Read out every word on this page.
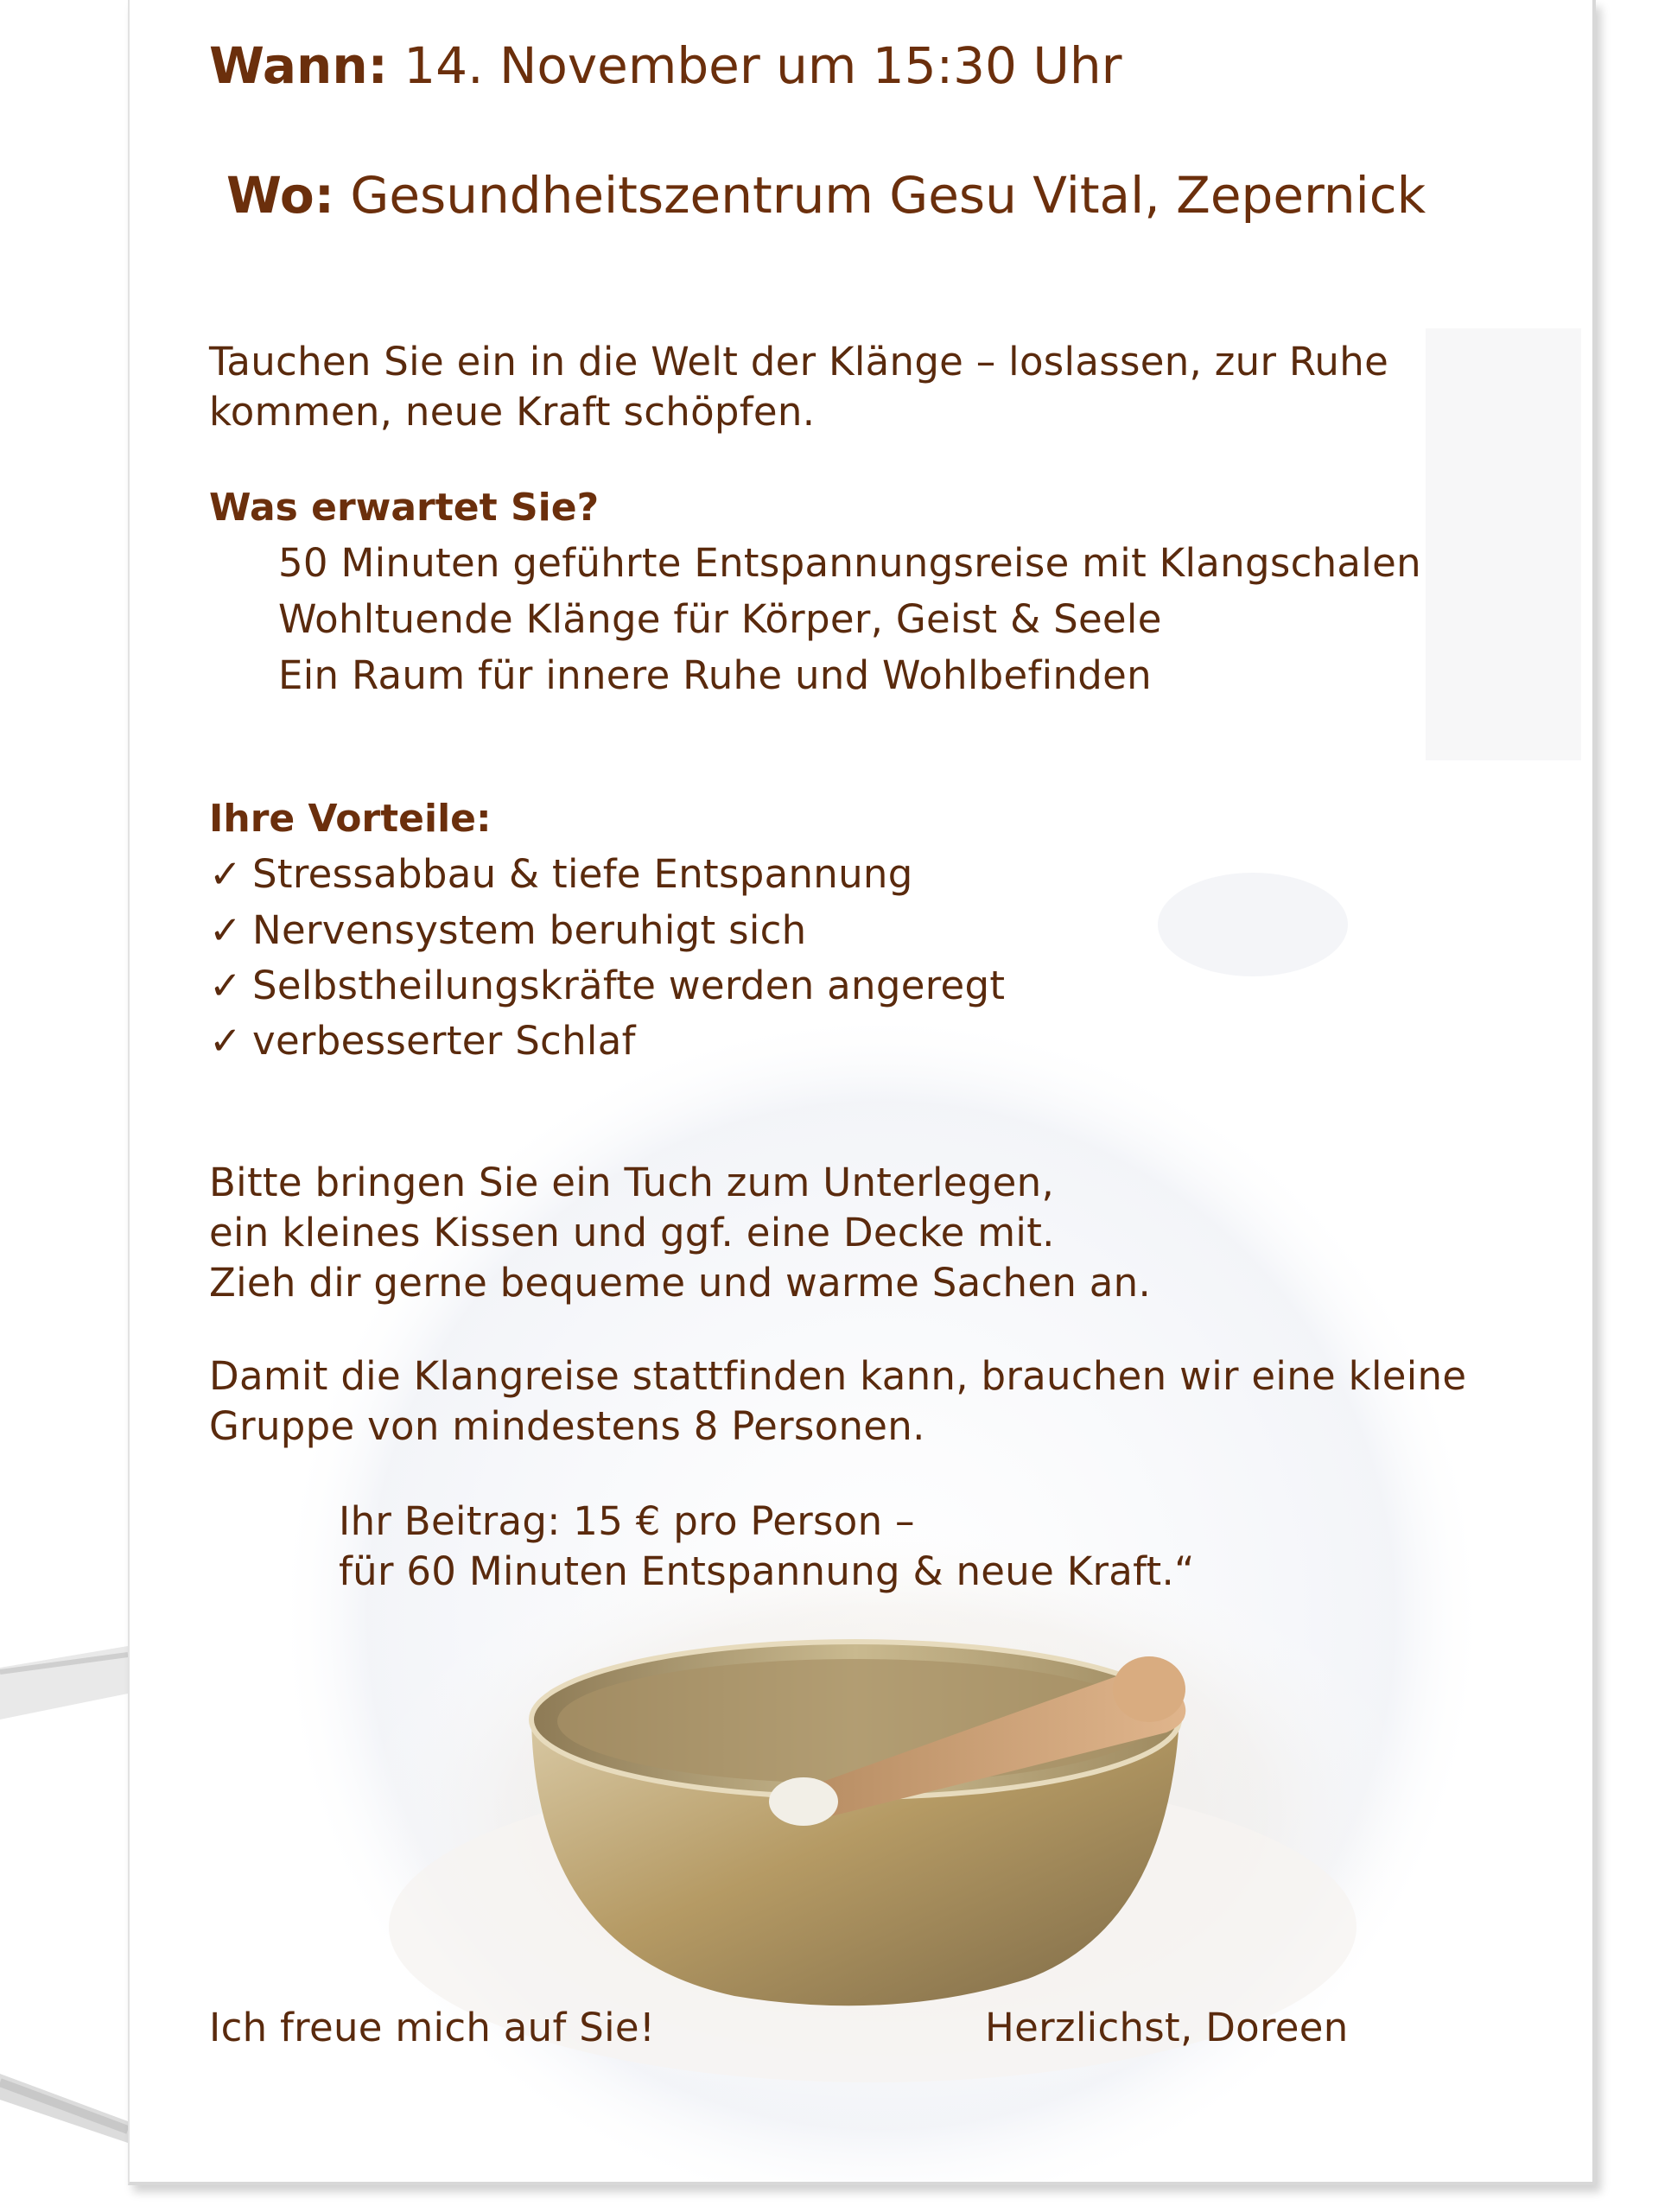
Wann: 14. November um 15:30 Uhr

Wo: Gesundheitszentrum Gesu Vital, Zepernick

Tauchen Sie ein in die Welt der Klänge – loslassen, zur Ruhe

kommen, neue Kraft schöpfen.

Was erwartet Sie?

50 Minuten geführte Entspannungsreise mit Klangschalen

Wohltuende Klänge für Körper, Geist & Seele

Ein Raum für innere Ruhe und Wohlbefinden

Ihre Vorteile:

✓ Stressabbau & tiefe Entspannung

✓ Nervensystem beruhigt sich

✓ Selbstheilungskräfte werden angeregt

✓ verbesserter Schlaf

Bitte bringen Sie ein Tuch zum Unterlegen,

ein kleines Kissen und ggf. eine Decke mit.

Zieh dir gerne bequeme und warme Sachen an.

Damit die Klangreise stattfinden kann, brauchen wir eine kleine

Gruppe von mindestens 8 Personen.

Ihr Beitrag: 15 € pro Person –

für 60 Minuten Entspannung & neue Kraft.“

Ich freue mich auf Sie!	Herzlichst, Doreen
